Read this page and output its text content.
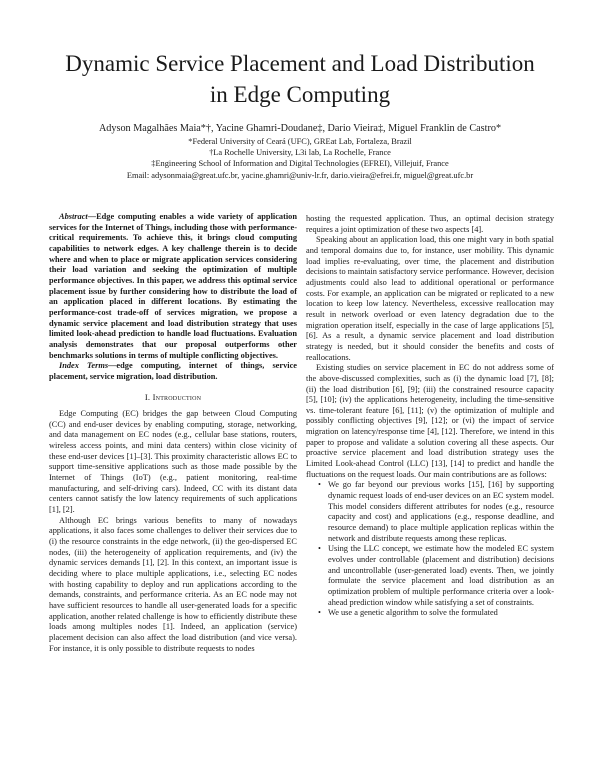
Dynamic Service Placement and Load Distribution
in Edge Computing
Adyson Magalhães Maia*†, Yacine Ghamri-Doudane‡, Dario Vieira‡, Miguel Franklin de Castro*
*Federal University of Ceará (UFC), GREat Lab, Fortaleza, Brazil
†La Rochelle University, L3i lab, La Rochelle, France
‡Engineering School of Information and Digital Technologies (EFREI), Villejuif, France
Email: adysonmaia@great.ufc.br, yacine.ghamri@univ-lr.fr, dario.vieira@efrei.fr, miguel@great.ufc.br

Abstract—Edge computing enables a wide variety of application services for the Internet of Things, including those with performance-critical requirements. To achieve this, it brings cloud computing capabilities to network edges. A key challenge therein is to decide where and when to place or migrate application services considering their load variation and seeking the optimization of multiple performance objectives. In this paper, we address this optimal service placement issue by further considering how to distribute the load of an application placed in different locations. By estimating the performance-cost trade-off of services migration, we propose a dynamic service placement and load distribution strategy that uses limited look-ahead prediction to handle load fluctuations. Evaluation analysis demonstrates that our proposal outperforms other benchmarks solutions in terms of multiple conflicting objectives.

Index Terms—edge computing, internet of things, service placement, service migration, load distribution.

I. Introduction

Edge Computing (EC) bridges the gap between Cloud Computing (CC) and end-user devices by enabling computing, storage, networking, and data management on EC nodes (e.g., cellular base stations, routers, wireless access points, and mini data centers) within close vicinity of these end-user devices [1]–[3]. This proximity characteristic allows EC to support time-sensitive applications such as those made possible by the Internet of Things (IoT) (e.g., patient monitoring, real-time manufacturing, and self-driving cars). Indeed, CC with its distant data centers cannot satisfy the low latency requirements of such applications [1], [2].

Although EC brings various benefits to many of nowadays applications, it also faces some challenges to deliver their services due to (i) the resource constraints in the edge network, (ii) the geo-dispersed EC nodes, (iii) the heterogeneity of application requirements, and (iv) the dynamic services demands [1], [2]. In this context, an important issue is deciding where to place multiple applications, i.e., selecting EC nodes with hosting capability to deploy and run applications according to the demands, constraints, and performance criteria. As an EC node may not have sufficient resources to handle all user-generated loads for a specific application, another related challenge is how to efficiently distribute these loads among multiples nodes [1]. Indeed, an application (service) placement decision can also affect the load distribution (and vice versa). For instance, it is only possible to distribute requests to nodes

hosting the requested application. Thus, an optimal decision strategy requires a joint optimization of these two aspects [4].

Speaking about an application load, this one might vary in both spatial and temporal domains due to, for instance, user mobility. This dynamic load implies re-evaluating, over time, the placement and distribution decisions to maintain satisfactory service performance. However, decision adjustments could also lead to additional operational or performance costs. For example, an application can be migrated or replicated to a new location to keep low latency. Nevertheless, excessive reallocation may result in network overload or even latency degradation due to the migration operation itself, especially in the case of large applications [5], [6]. As a result, a dynamic service placement and load distribution strategy is needed, but it should consider the benefits and costs of reallocations.

Existing studies on service placement in EC do not address some of the above-discussed complexities, such as (i) the dynamic load [7], [8]; (ii) the load distribution [6], [9]; (iii) the constrained resource capacity [5], [10]; (iv) the applications heterogeneity, including the time-sensitive vs. time-tolerant feature [6], [11]; (v) the optimization of multiple and possibly conflicting objectives [9], [12]; or (vi) the impact of service migration on latency/response time [4], [12]. Therefore, we intend in this paper to propose and validate a solution covering all these aspects. Our proactive service placement and load distribution strategy uses the Limited Look-ahead Control (LLC) [13], [14] to predict and handle the fluctuations on the request loads. Our main contributions are as follows:

• We go far beyond our previous works [15], [16] by supporting dynamic request loads of end-user devices on an EC system model. This model considers different attributes for nodes (e.g., resource capacity and cost) and applications (e.g., response deadline, and resource demand) to place multiple application replicas within the network and distribute requests among these replicas.
• Using the LLC concept, we estimate how the modeled EC system evolves under controllable (placement and distribution) decisions and uncontrollable (user-generated load) events. Then, we jointly formulate the service placement and load distribution as an optimization problem of multiple performance criteria over a look-ahead prediction window while satisfying a set of constraints.
• We use a genetic algorithm to solve the formulated
